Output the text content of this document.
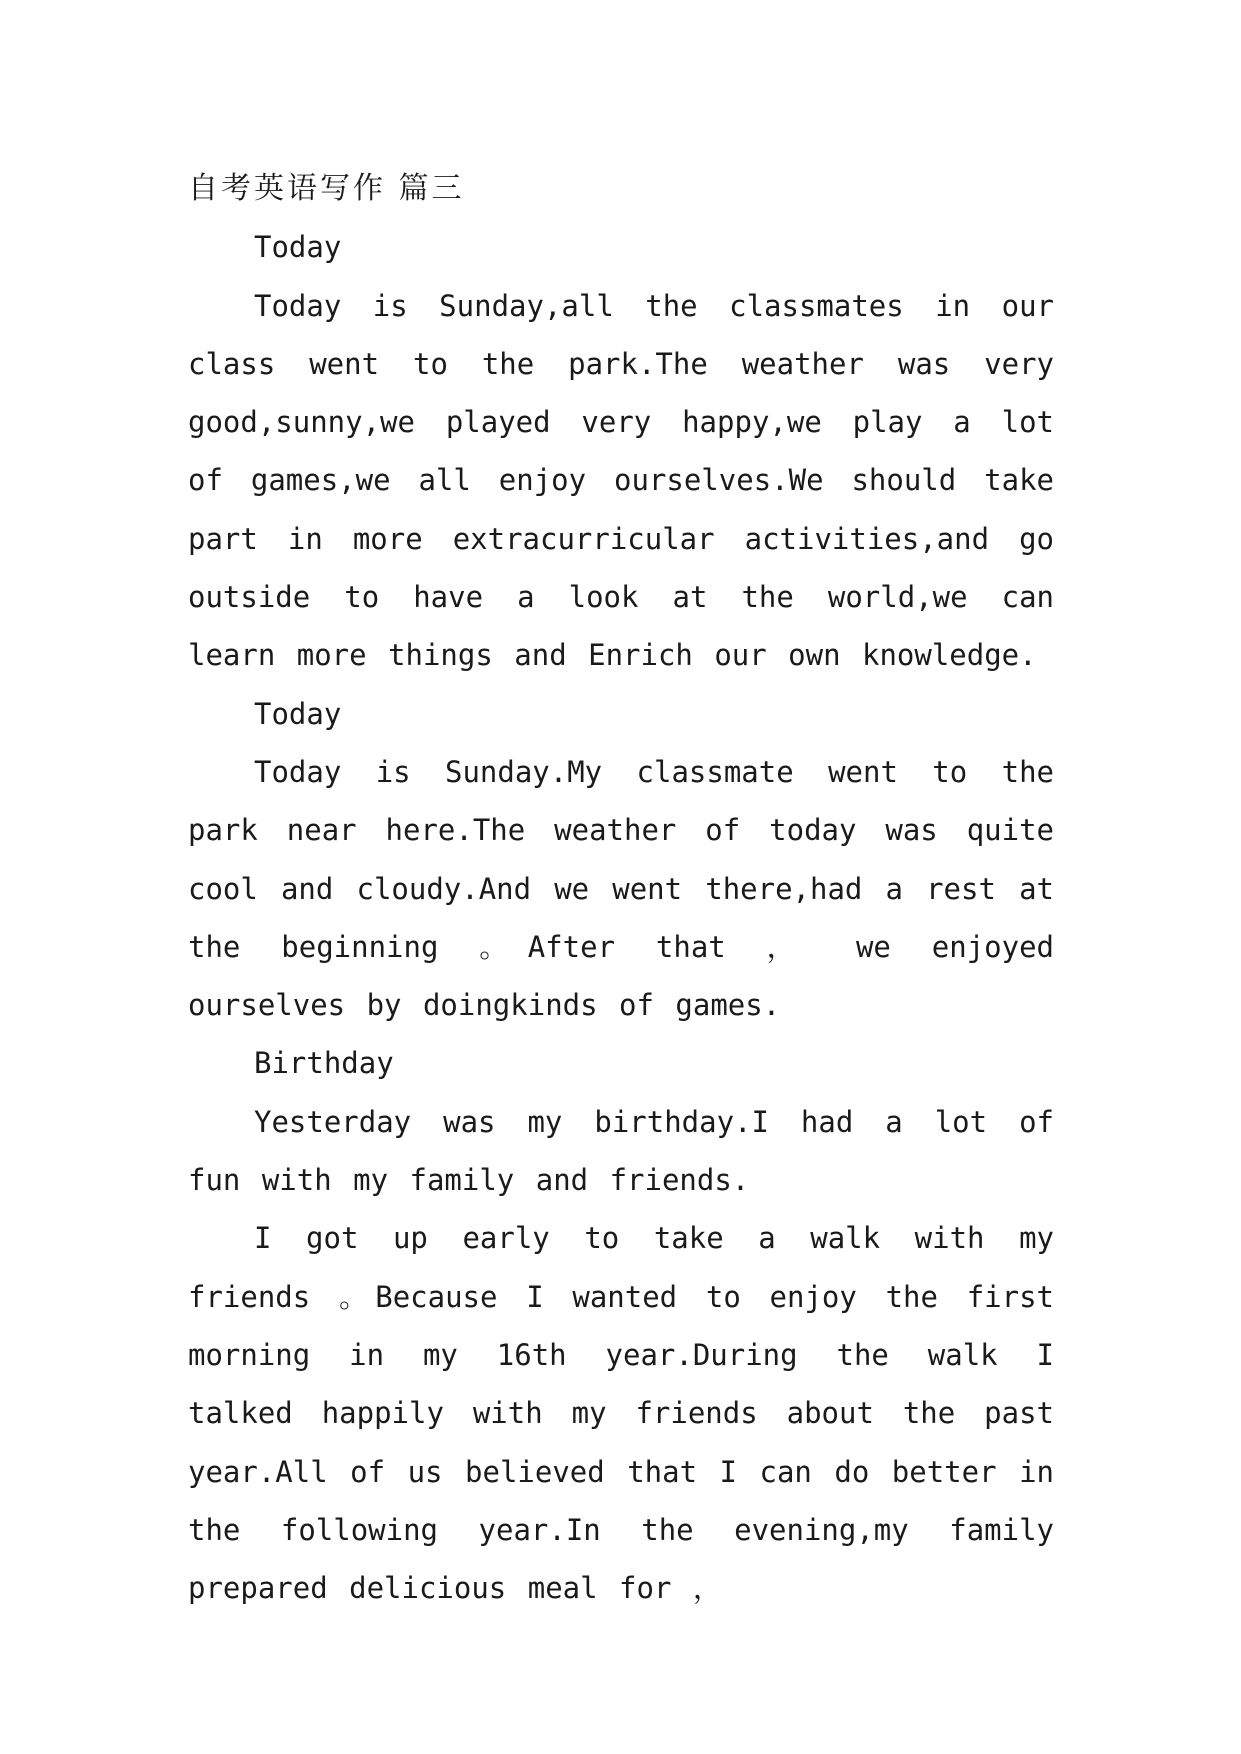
自考英语写作 篇三

Today

Today is Sunday,all the classmates in our class went to the park.The weather was very good,sunny,we played very happy,we play a lot of games,we all enjoy ourselves.We should take part in more extracurricular activities,and go outside to have a look at the world,we can learn more things and Enrich our own knowledge.

Today

Today is Sunday.My classmate went to the park near here.The weather of today was quite cool and cloudy.And we went there,had a rest at the beginning 。After that ， we enjoyed ourselves by doingkinds of games.

Birthday

Yesterday was my birthday.I had a lot of fun with my family and friends.

I got up early to take a walk with my friends 。Because I wanted to enjoy the first morning in my 16th year.During the walk I talked happily with my friends about the past year.All of us believed that I can do better in the following year.In the evening,my family prepared delicious meal for ，
